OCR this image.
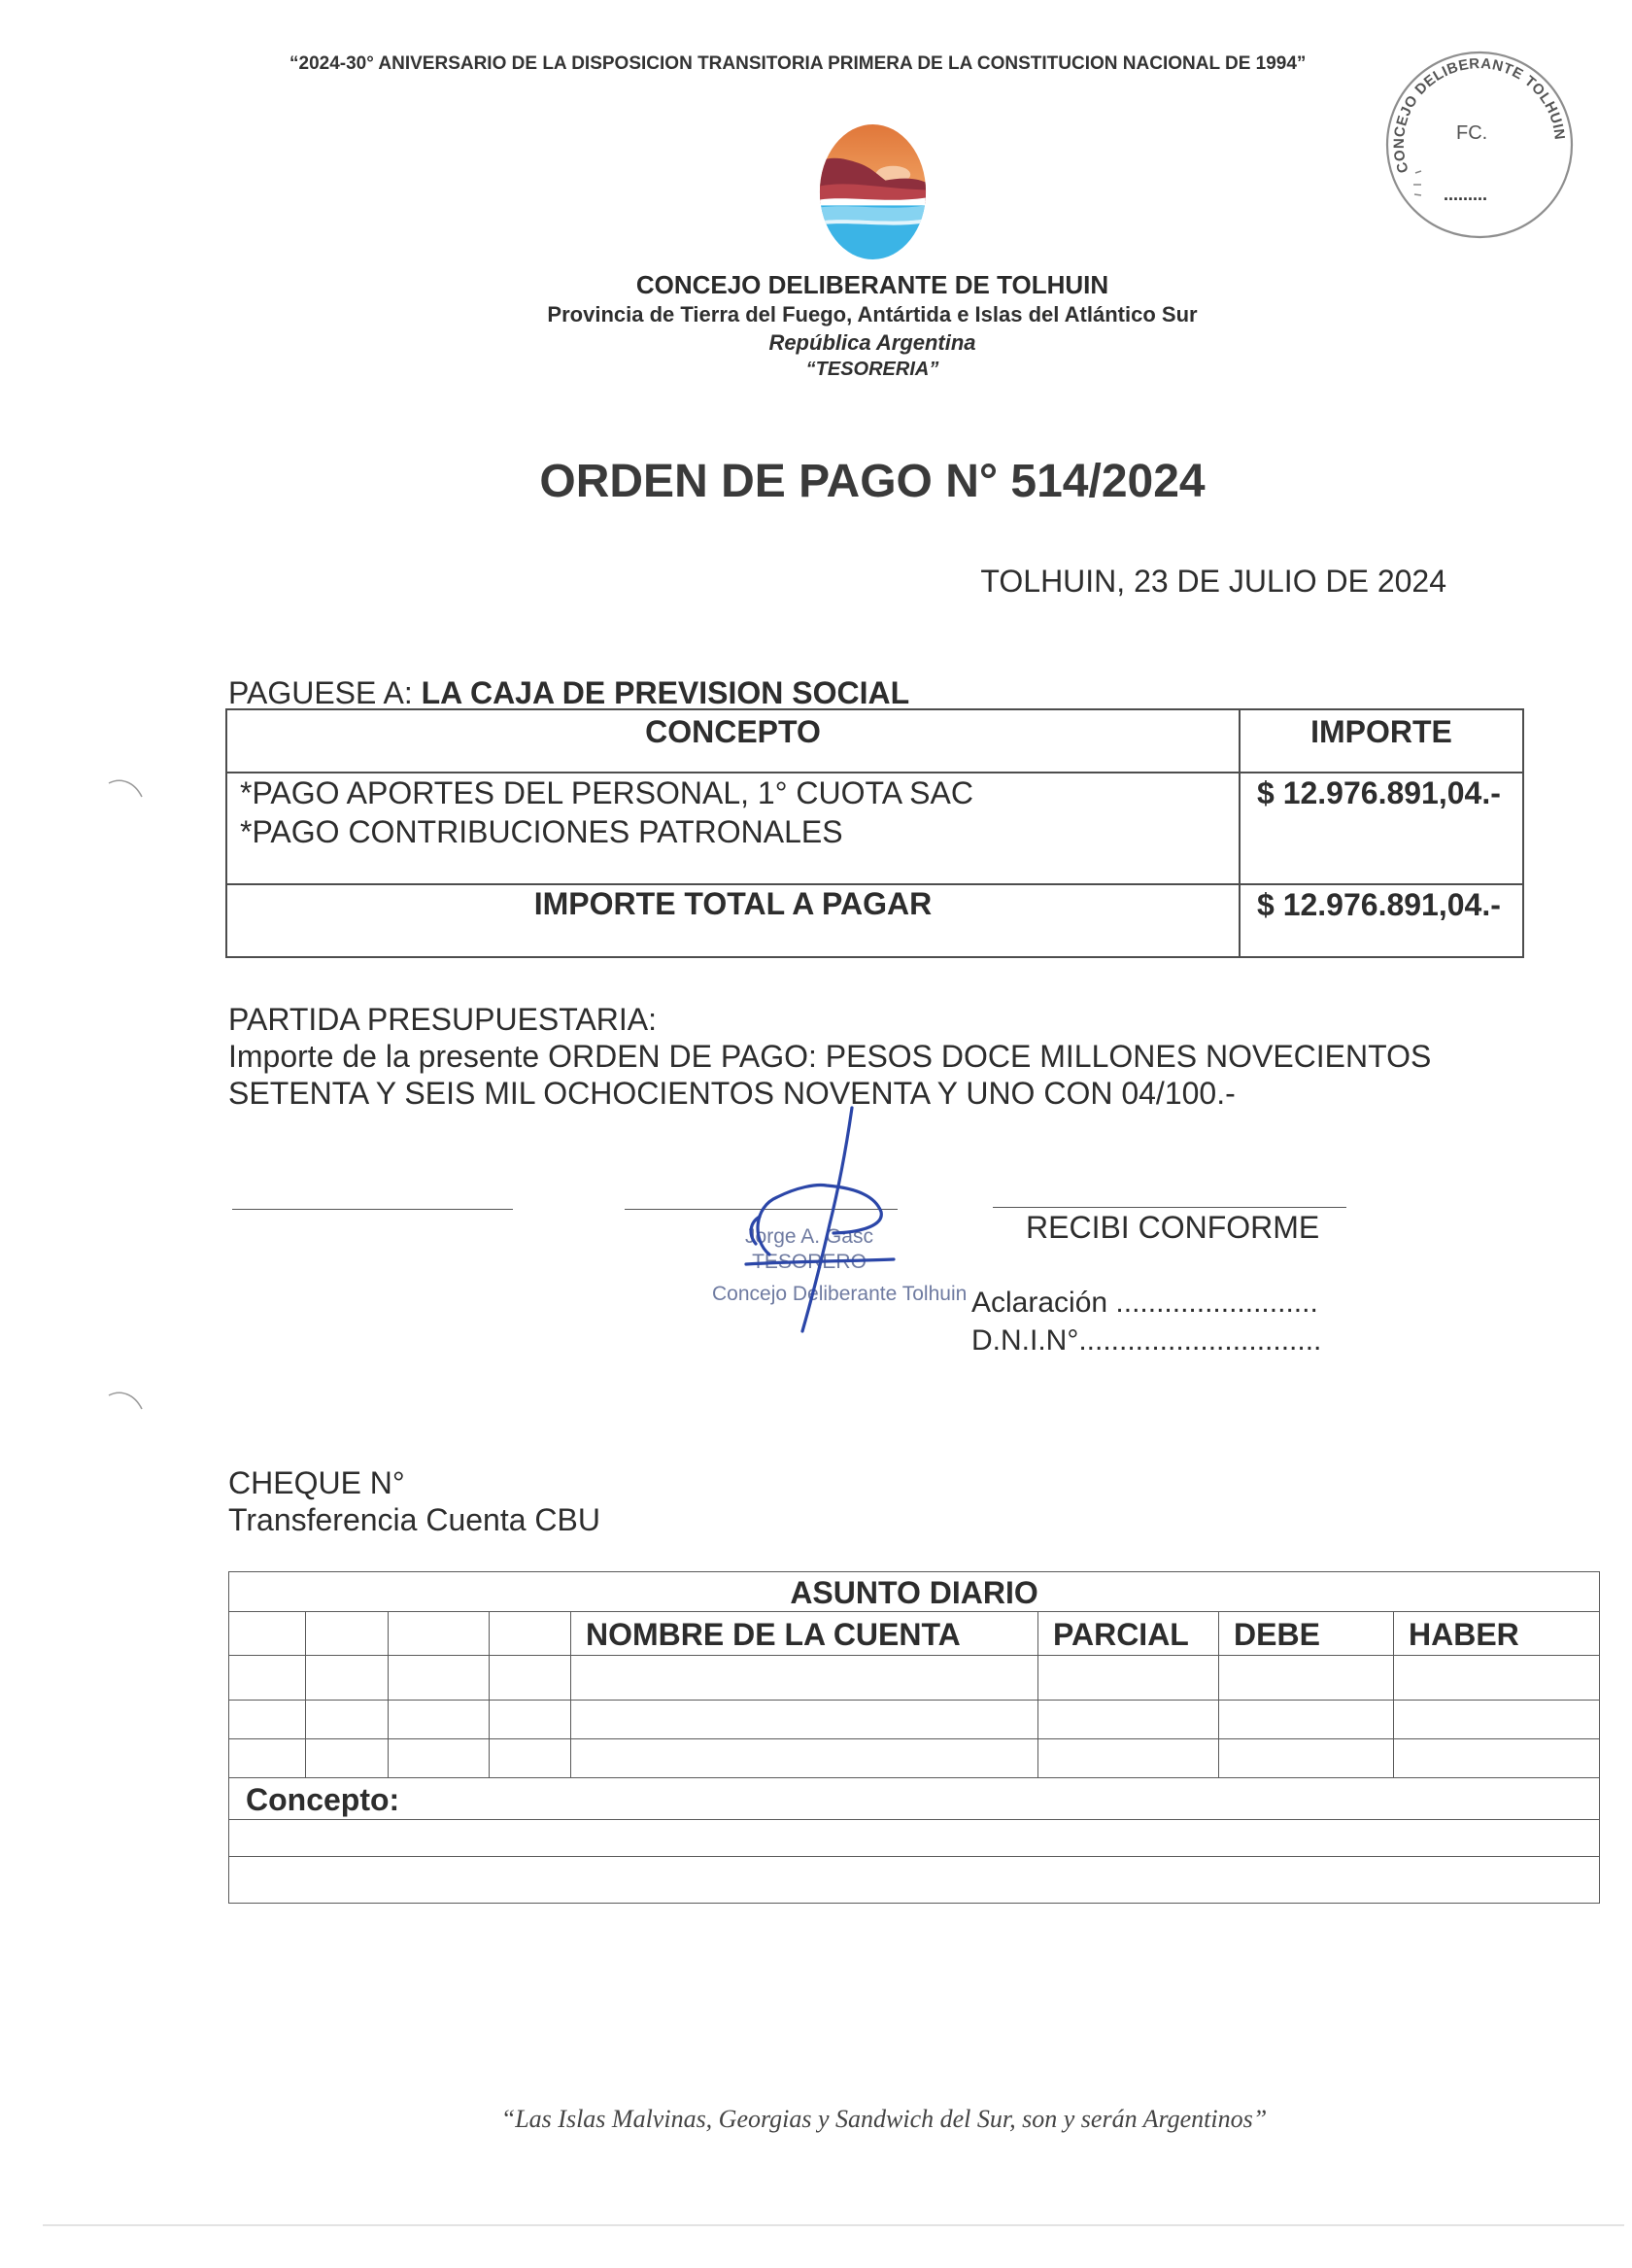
“2024-30° ANIVERSARIO DE LA DISPOSICION TRANSITORIA PRIMERA DE LA CONSTITUCION NACIONAL DE 1994”
CONCEJO DELIBERANTE TOLHUIN
FC.
.........
CONCEJO DELIBERANTE DE TOLHUIN
Provincia de Tierra del Fuego, Antártida e Islas del Atlántico Sur
República Argentina
“TESORERIA”
ORDEN DE PAGO N° 514/2024
TOLHUIN, 23 DE JULIO DE 2024
PAGUESE A: LA CAJA DE PREVISION SOCIAL
CONCEPTO	IMPORTE

*PAGO APORTES DEL PERSONAL, 1° CUOTA SAC
*PAGO CONTRIBUCIONES PATRONALES	$ 12.976.891,04.-
IMPORTE TOTAL A PAGAR	$ 12.976.891,04.-
PARTIDA PRESUPUESTARIA:
Importe de la presente ORDEN DE PAGO: PESOS DOCE MILLONES NOVECIENTOS
SETENTA Y SEIS MIL OCHOCIENTOS NOVENTA Y UNO CON 04/100.-
Jorge A. Gasc
TESORERO
Concejo Deliberante Tolhuin
RECIBI CONFORME
Aclaración .........................
D.N.I.N°..............................
CHEQUE N°
Transferencia Cuenta CBU
ASUNTO DIARIO							
				NOMBRE DE LA CUENTA	PARCIAL	DEBE	HABER

Concepto:							

“Las Islas Malvinas, Georgias y Sandwich del Sur, son y serán Argentinos”
